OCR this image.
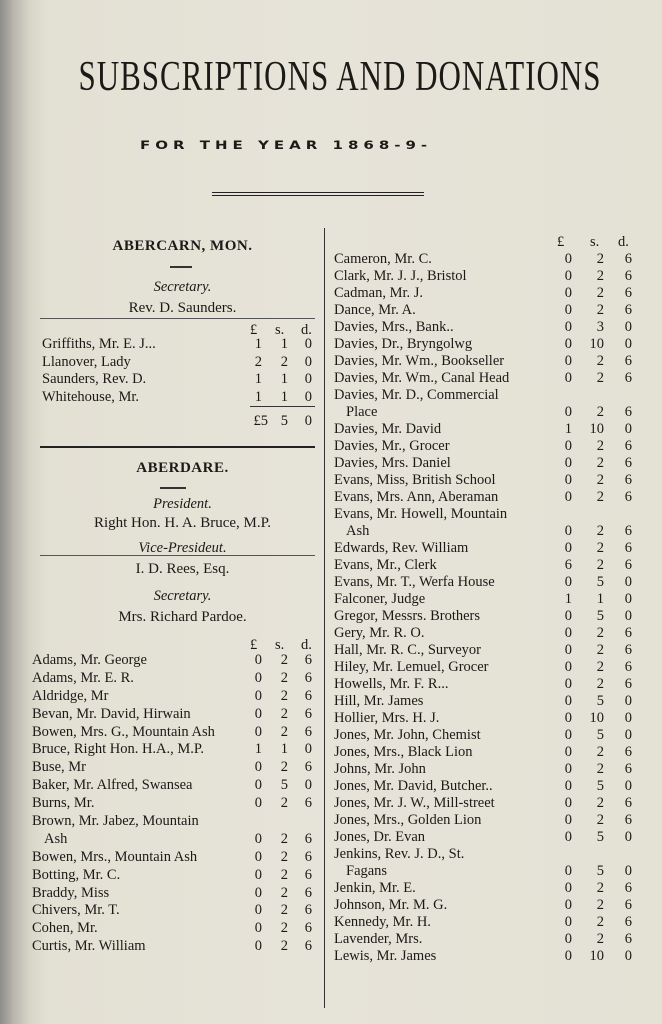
SUBSCRIPTIONS AND DONATIONS
FOR THE YEAR 1868-9-
ABERCARN, MON.
Secretary.
Rev. D. Saunders.
£ s. d.
Griffiths, Mr. E. J...	1	1	0
Llanover, Lady	2	2	0
Saunders, Rev. D.	1	1	0
Whitehouse, Mr.	1	1	0
£5 5	0
ABERDARE.
President.
Right Hon. H. A. Bruce, M.P.
Vice-Presideut.
I. D. Rees, Esq.
Secretary.
Mrs. Richard Pardoe.
£ s. d.
Adams, Mr. George	0	2	6
Adams, Mr. E. R.	0	2	6
Aldridge, Mr	0	2	6
Bevan, Mr. David, Hirwain	0	2	6
Bowen, Mrs. G., Mountain Ash	0	2	6
Bruce, Right Hon. H.A., M.P.	1	1	0
Buse, Mr	0	2	6
Baker, Mr. Alfred, Swansea	0	5	0
Burns, Mr.	0	2	6
Brown, Mr. Jabez, Mountain
Ash	0	2	6
Bowen, Mrs., Mountain Ash	0	2	6
Botting, Mr. C.	0	2	6
Braddy, Miss	0	2	6
Chivers, Mr. T.	0	2	6
Cohen, Mr.	0	2	6
Curtis, Mr. William	0	2	6
£ s. d.
Cameron, Mr. C.	0	2	6
Clark, Mr. J. J., Bristol	0	2	6
Cadman, Mr. J.	0	2	6
Dance, Mr. A.	0	2	6
Davies, Mrs., Bank..	0	3	0
Davies, Dr., Bryngolwg	0	10	0
Davies, Mr. Wm., Bookseller	0	2	6
Davies, Mr. Wm., Canal Head	0	2	6
Davies, Mr. D., Commercial
Place	0	2	6
Davies, Mr. David	1	10	0
Davies, Mr., Grocer	0	2	6
Davies, Mrs. Daniel	0	2	6
Evans, Miss, British School	0	2	6
Evans, Mrs. Ann, Aberaman	0	2	6
Evans, Mr. Howell, Mountain
Ash	0	2	6
Edwards, Rev. William	0	2	6
Evans, Mr., Clerk	6	2	6
Evans, Mr. T., Werfa House	0	5	0
Falconer, Judge	1	1	0
Gregor, Messrs. Brothers	0	5	0
Gery, Mr. R. O.	0	2	6
Hall, Mr. R. C., Surveyor	0	2	6
Hiley, Mr. Lemuel, Grocer	0	2	6
Howells, Mr. F. R...	0	2	6
Hill, Mr. James	0	5	0
Hollier, Mrs. H. J.	0	10	0
Jones, Mr. John, Chemist	0	5	0
Jones, Mrs., Black Lion	0	2	6
Johns, Mr. John	0	2	6
Jones, Mr. David, Butcher..	0	5	0
Jones, Mr. J. W., Mill-street	0	2	6
Jones, Mrs., Golden Lion	0	2	6
Jones, Dr. Evan	0	5	0
Jenkins, Rev. J. D., St.
Fagans	0	5	0
Jenkin, Mr. E.	0	2	6
Johnson, Mr. M. G.	0	2	6
Kennedy, Mr. H.	0	2	6
Lavender, Mrs.	0	2	6
Lewis, Mr. James	0	10	0
